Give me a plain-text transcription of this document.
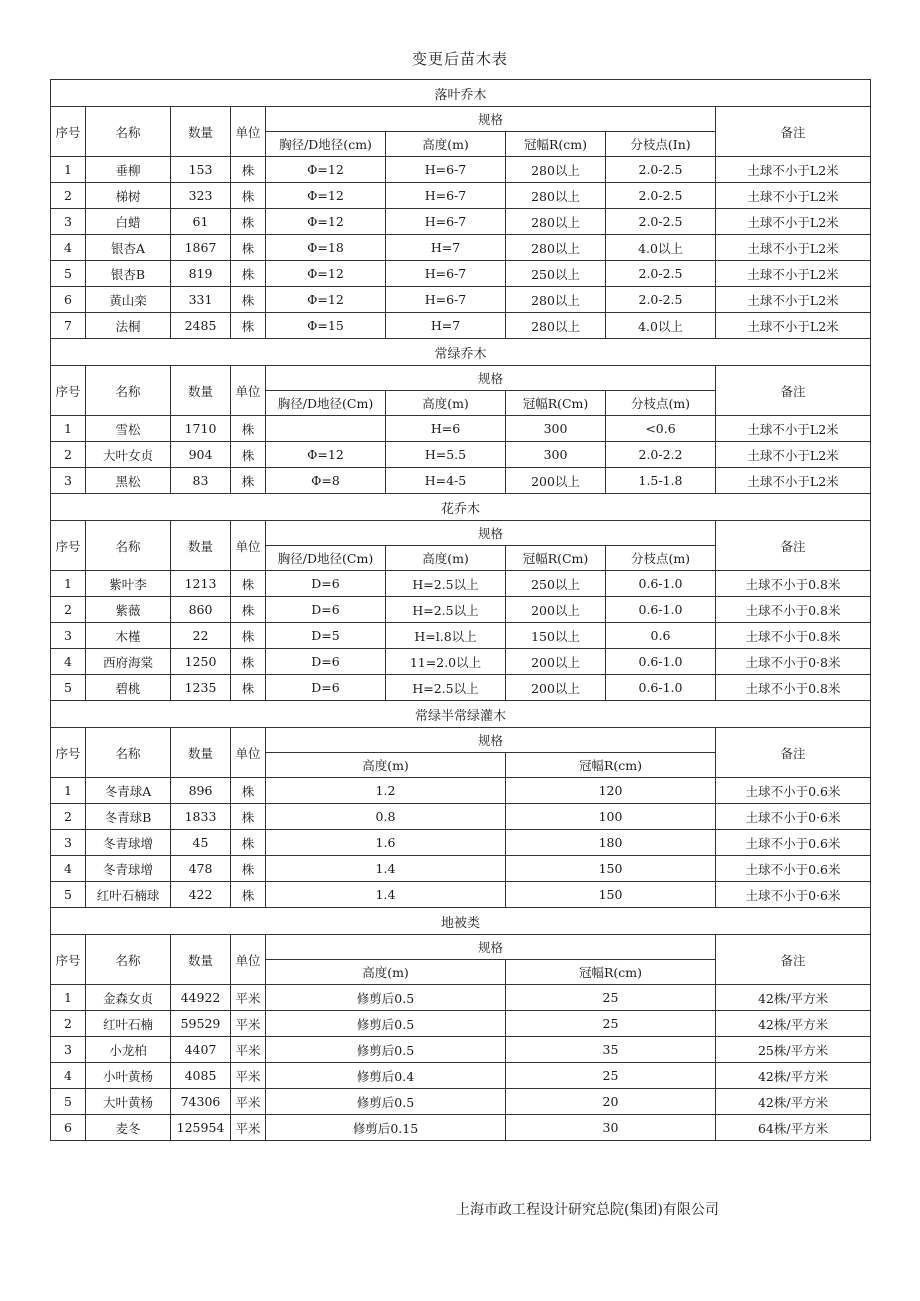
变更后苗木表
落叶乔木								
序号	名称	数量	单位	规格				备注
				胸径/D地径(cm)	高度(m)	冠幅R(cm)	分枝点(In)	
1	垂柳	153	株	Φ=12	H=6-7	280以上	2.0-2.5	土球不小于L2米
2	梯树	323	株	Φ=12	H=6-7	280以上	2.0-2.5	土球不小于L2米
3	白蜡	61	株	Φ=12	H=6-7	280以上	2.0-2.5	土球不小于L2米
4	银杏A	1867	株	Φ=18	H=7	280以上	4.0以上	土球不小于L2米
5	银杏B	819	株	Φ=12	H=6-7	250以上	2.0-2.5	土球不小于L2米
6	黄山栾	331	株	Φ=12	H=6-7	280以上	2.0-2.5	土球不小于L2米
7	法桐	2485	株	Φ=15	H=7	280以上	4.0以上	土球不小于L2米
常绿乔木								
序号	名称	数量	单位	规格				备注
				胸径/D地径(Cm)	高度(m)	冠幅R(Cm)	分枝点(m)	
1	雪松	1710	株		H=6	300	<0.6	土球不小于L2米
2	大叶女贞	904	株	Φ=12	H=5.5	300	2.0-2.2	土球不小于L2米
3	黑松	83	株	Φ=8	H=4-5	200以上	1.5-1.8	土球不小于L2米
花乔木								
序号	名称	数量	单位	规格				备注
				胸径/D地径(Cm)	高度(m)	冠幅R(Cm)	分枝点(m)	
1	紫叶李	1213	株	D=6	H=2.5以上	250以上	0.6-1.0	土球不小于0.8米
2	紫薇	860	株	D=6	H=2.5以上	200以上	0.6-1.0	土球不小于0.8米
3	木槿	22	株	D=5	H=l.8以上	150以上	0.6	土球不小于0.8米
4	西府海棠	1250	株	D=6	11=2.0以上	200以上	0.6-1.0	土球不小于0·8米
5	碧桃	1235	株	D=6	H=2.5以上	200以上	0.6-1.0	土球不小于0.8米
常绿半常绿灌木								
序号	名称	数量	单位	规格				备注
				高度(m)		冠幅R(cm)		
1	冬青球A	896	株	1.2		120		土球不小于0.6米
2	冬青球B	1833	株	0.8		100		土球不小于0·6米
3	冬青球增	45	株	1.6		180		土球不小于0.6米
4	冬青球增	478	株	1.4		150		土球不小于0.6米
5	红叶石楠球	422	株	1.4		150		土球不小于0·6米
地被类								
序号	名称	数量	单位	规格				备注
				高度(m)		冠幅R(cm)		
1	金森女贞	44922	平米	修剪后0.5		25		42株/平方米
2	红叶石楠	59529	平米	修剪后0.5		25		42株/平方米
3	小龙柏	4407	平米	修剪后0.5		35		25株/平方米
4	小叶黄杨	4085	平米	修剪后0.4		25		42株/平方米
5	大叶黄杨	74306	平米	修剪后0.5		20		42株/平方米
6	麦冬	125954	平米	修剪后0.15		30		64株/平方米
上海市政工程设计研究总院(集团)有限公司
